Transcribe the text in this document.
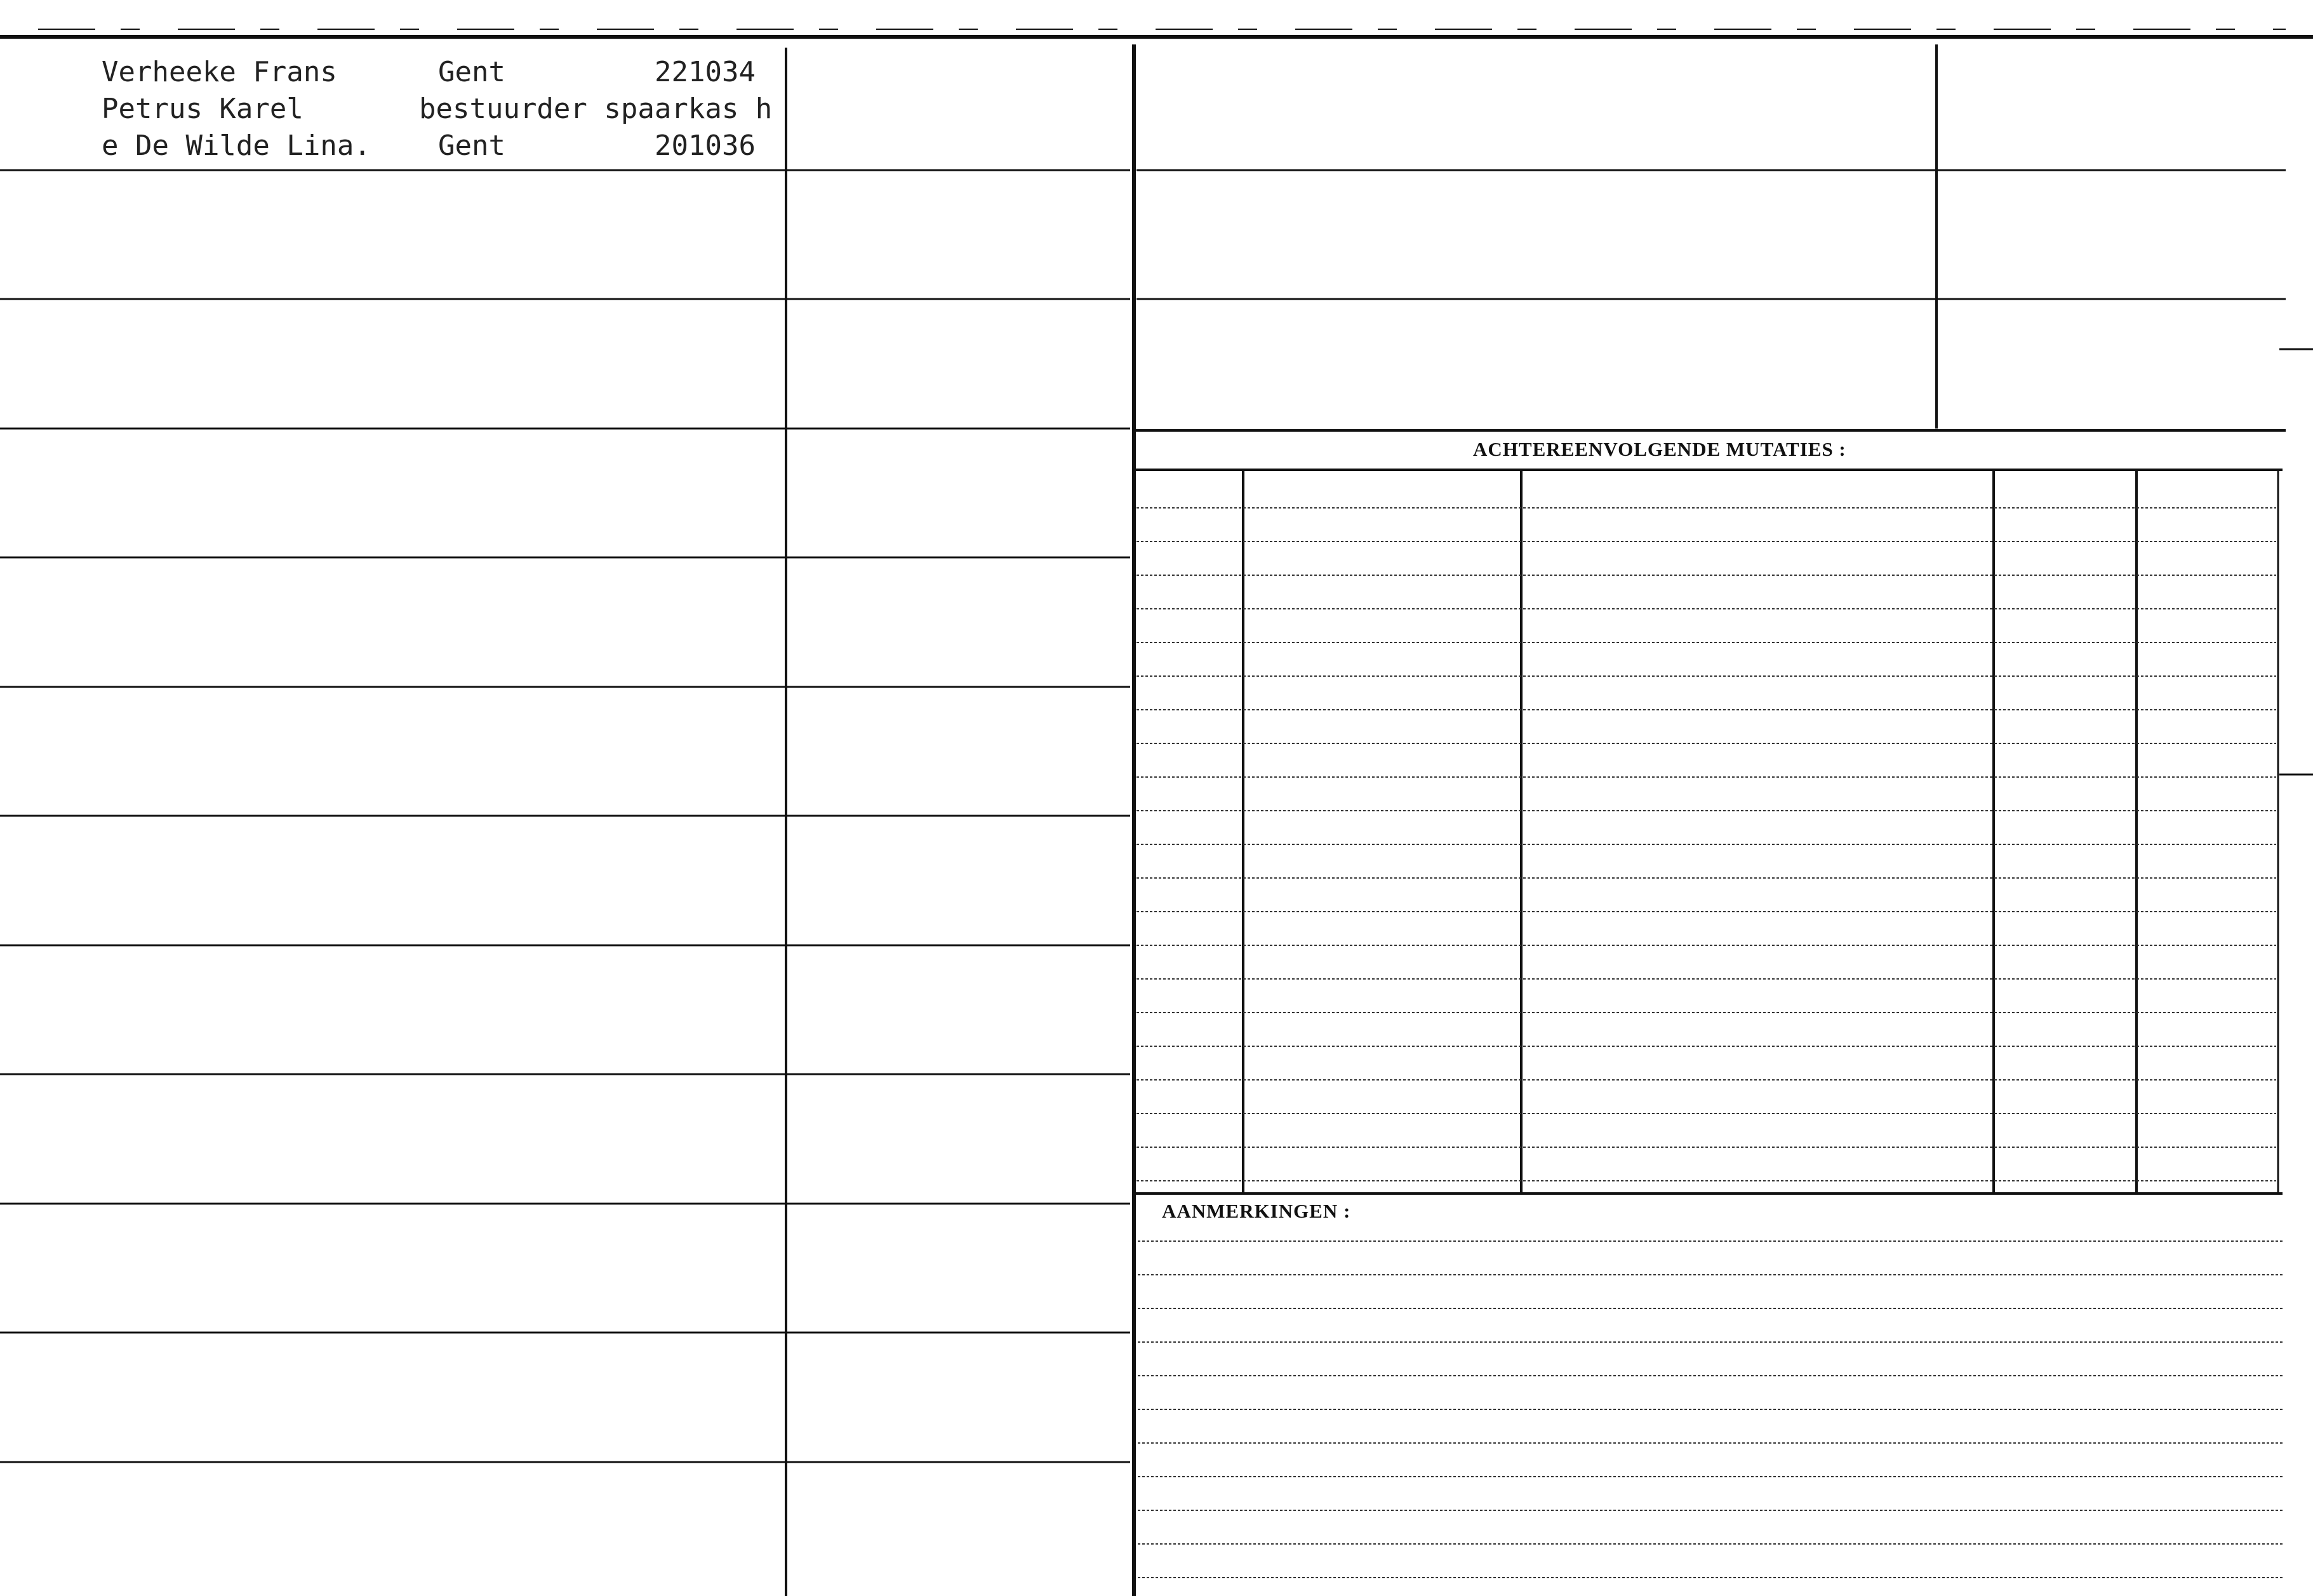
ACHTEREENVOLGENDE MUTATIES :
AANMERKINGEN :
Verheeke Frans
Petrus Karel
e De Wilde Lina.
Gent	221034
bestuurder spaarkas h
Gent	201036
